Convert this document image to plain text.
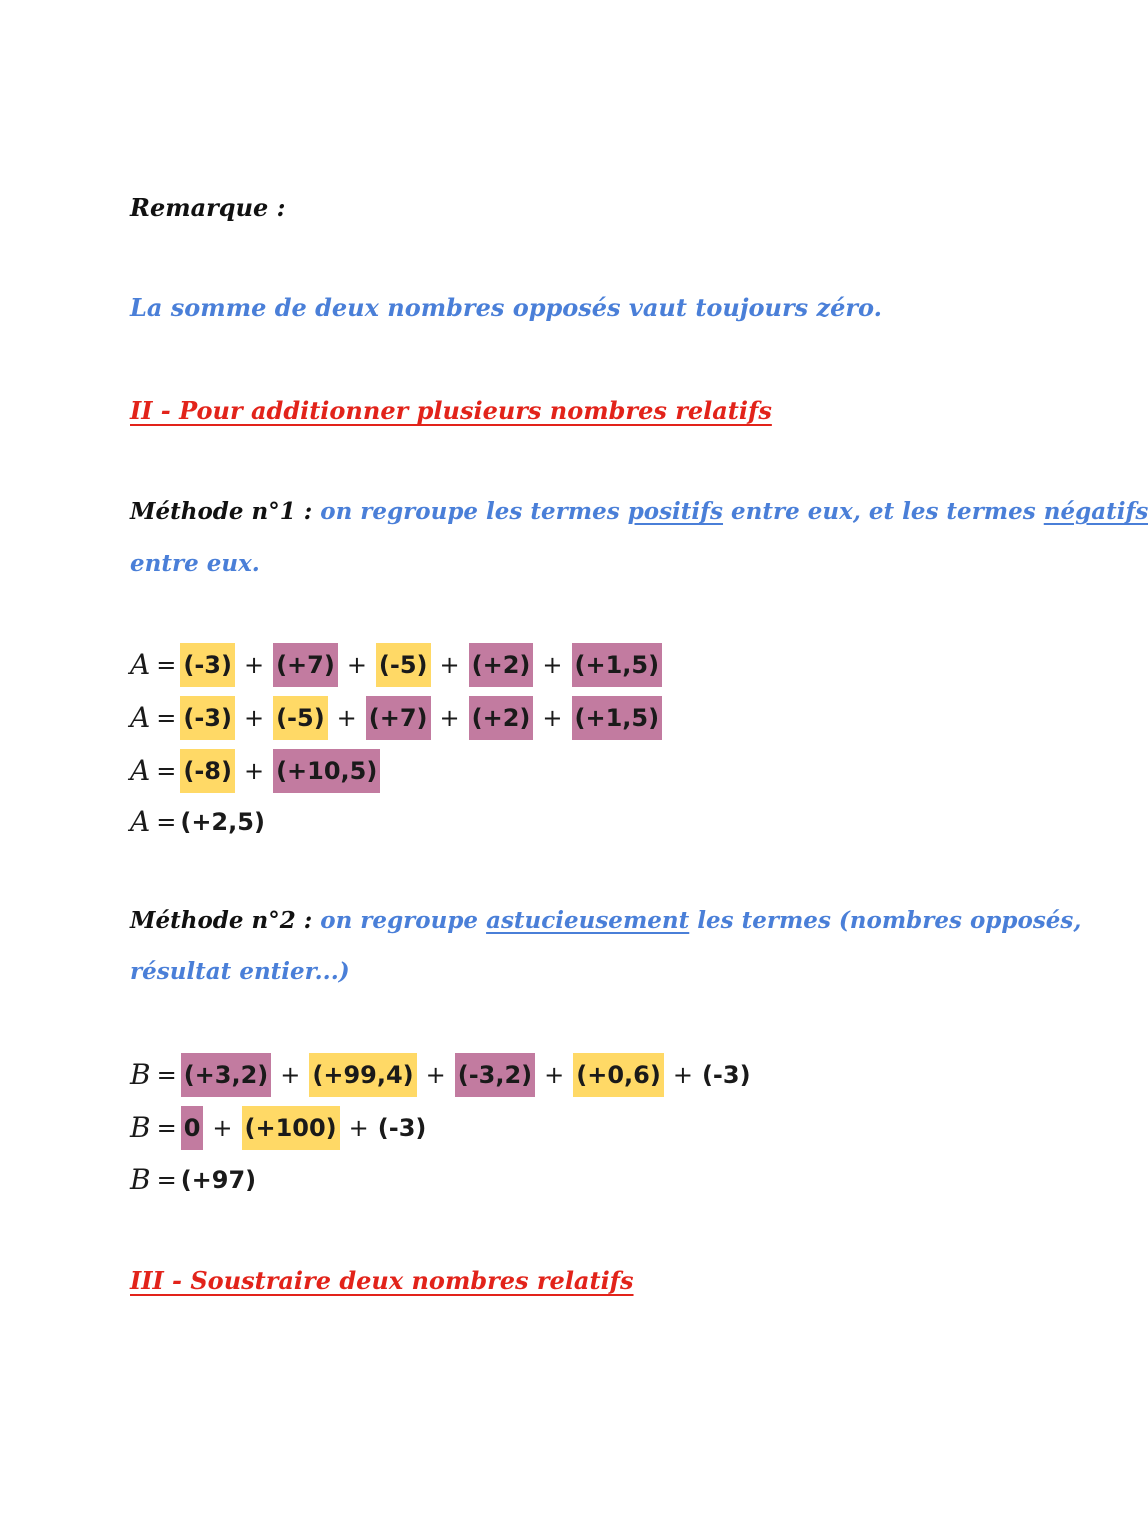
Remarque :
La somme de deux nombres opposés vaut toujours zéro.
II - Pour additionner plusieurs nombres relatifs
Méthode n°1 : on regroupe les termes positifs entre eux, et les termes négatifs
entre eux.
A = (-3) + (+7) + (-5) + (+2) + (+1,5)
A = (-3) + (-5) + (+7) + (+2) + (+1,5)
A = (-8) + (+10,5)
A = (+2,5)
Méthode n°2 : on regroupe astucieusement les termes (nombres opposés,
résultat entier...)
B = (+3,2) + (+99,4) + (-3,2) + (+0,6) + (-3)
B = 0 + (+100) + (-3)
B = (+97)
III - Soustraire deux nombres relatifs
